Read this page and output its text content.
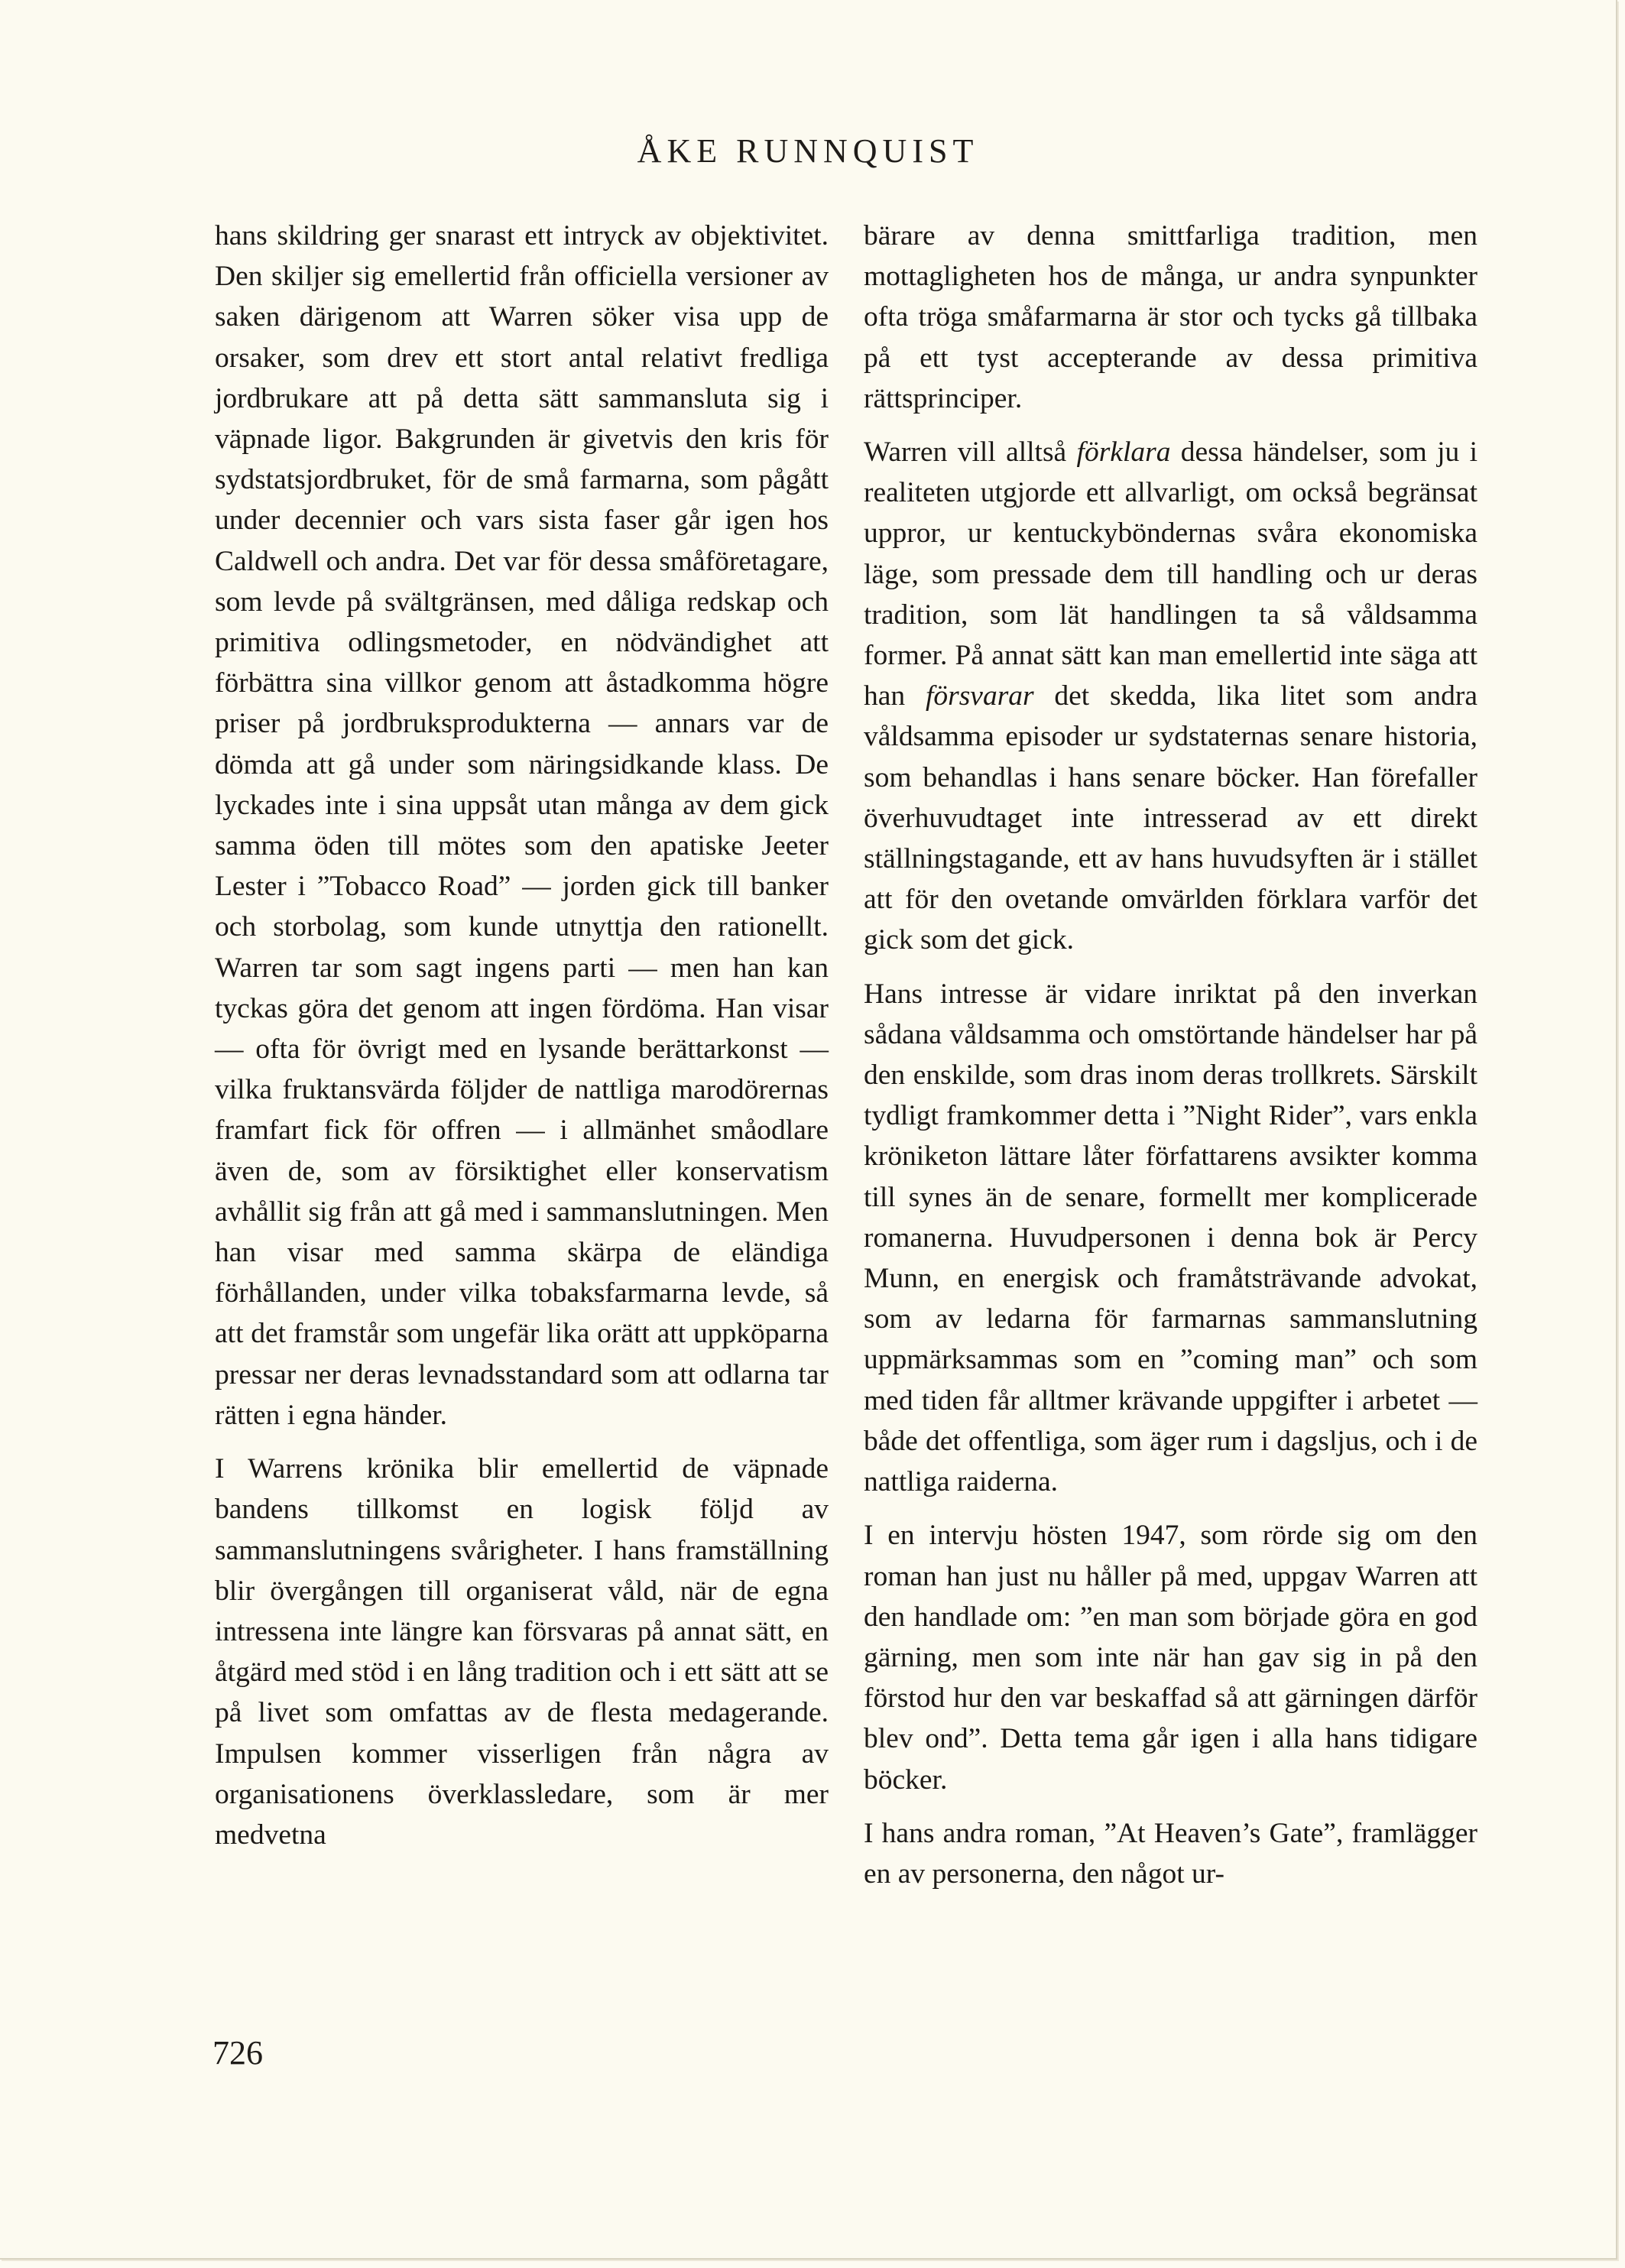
ÅKE RUNNQUIST

hans skildring ger snarast ett intryck av objektivitet. Den skiljer sig emellertid från officiella versioner av saken därigenom att Warren söker visa upp de orsaker, som drev ett stort antal relativt fredliga jordbrukare att på detta sätt sammansluta sig i väpnade ligor. Bakgrunden är givetvis den kris för sydstatsjordbruket, för de små farmarna, som pågått under decennier och vars sista faser går igen hos Caldwell och andra. Det var för dessa småföretagare, som levde på svältgränsen, med dåliga redskap och primitiva odlingsmetoder, en nödvändighet att förbättra sina villkor genom att åstadkomma högre priser på jordbruksprodukterna — annars var de dömda att gå under som näringsidkande klass. De lyckades inte i sina uppsåt utan många av dem gick samma öden till mötes som den apatiske Jeeter Lester i ”Tobacco Road” — jorden gick till banker och storbolag, som kunde utnyttja den rationellt. Warren tar som sagt ingens parti — men han kan tyckas göra det genom att ingen fördöma. Han visar — ofta för övrigt med en lysande berättarkonst — vilka fruktansvärda följder de nattliga marodörernas framfart fick för offren — i allmänhet småodlare även de, som av försiktighet eller konservatism avhållit sig från att gå med i sammanslutningen. Men han visar med samma skärpa de eländiga förhållanden, under vilka tobaksfarmarna levde, så att det framstår som ungefär lika orätt att uppköparna pressar ner deras levnadsstandard som att odlarna tar rätten i egna händer.

I Warrens krönika blir emellertid de väpnade bandens tillkomst en logisk följd av sammanslutningens svårigheter. I hans framställning blir övergången till organiserat våld, när de egna intressena inte längre kan försvaras på annat sätt, en åtgärd med stöd i en lång tradition och i ett sätt att se på livet som omfattas av de flesta medagerande. Impulsen kommer visserligen från några av organisationens överklassledare, som är mer medvetna

bärare av denna smittfarliga tradition, men mottagligheten hos de många, ur andra synpunkter ofta tröga småfarmarna är stor och tycks gå tillbaka på ett tyst accepterande av dessa primitiva rättsprinciper.

Warren vill alltså förklara dessa händelser, som ju i realiteten utgjorde ett allvarligt, om också begränsat uppror, ur kentuckyböndernas svåra ekonomiska läge, som pressade dem till handling och ur deras tradition, som lät handlingen ta så våldsamma former. På annat sätt kan man emellertid inte säga att han försvarar det skedda, lika litet som andra våldsamma episoder ur sydstaternas senare historia, som behandlas i hans senare böcker. Han förefaller överhuvudtaget inte intresserad av ett direkt ställningstagande, ett av hans huvudsyften är i stället att för den ovetande omvärlden förklara varför det gick som det gick.

Hans intresse är vidare inriktat på den inverkan sådana våldsamma och omstörtande händelser har på den enskilde, som dras inom deras trollkrets. Särskilt tydligt framkommer detta i ”Night Rider”, vars enkla kröniketon lättare låter författarens avsikter komma till synes än de senare, formellt mer komplicerade romanerna. Huvudpersonen i denna bok är Percy Munn, en energisk och framåtsträvande advokat, som av ledarna för farmarnas sammanslutning uppmärksammas som en ”coming man” och som med tiden får alltmer krävande uppgifter i arbetet — både det offentliga, som äger rum i dagsljus, och i de nattliga raiderna.

I en intervju hösten 1947, som rörde sig om den roman han just nu håller på med, uppgav Warren att den handlade om: ”en man som började göra en god gärning, men som inte när han gav sig in på den förstod hur den var beskaffad så att gärningen därför blev ond”. Detta tema går igen i alla hans tidigare böcker.

I hans andra roman, ”At Heaven’s Gate”, framlägger en av personerna, den något ur-

726
